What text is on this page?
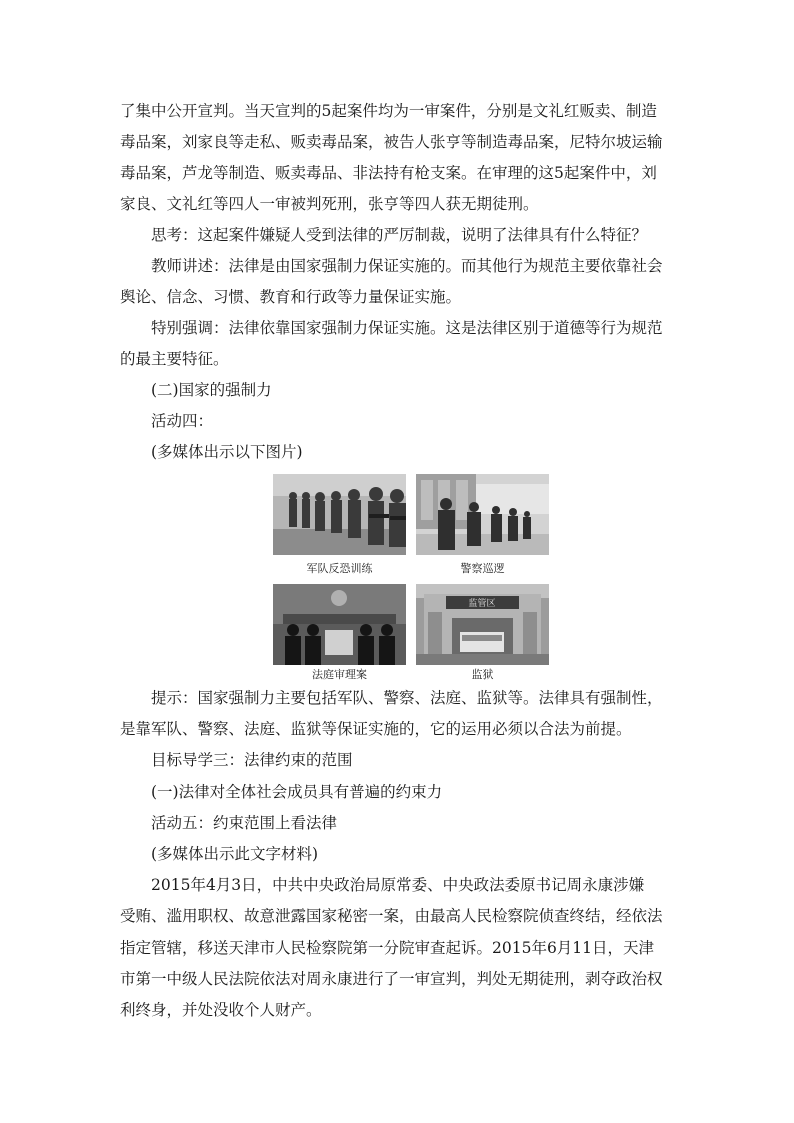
了集中公开宣判。当天宣判的5起案件均为一审案件，分别是文礼红贩卖、制造

毒品案，刘家良等走私、贩卖毒品案，被告人张亨等制造毒品案，尼特尔坡运输

毒品案，芦龙等制造、贩卖毒品、非法持有枪支案。在审理的这5起案件中，刘

家良、文礼红等四人一审被判死刑，张亨等四人获无期徒刑。

思考：这起案件嫌疑人受到法律的严厉制裁，说明了法律具有什么特征？

教师讲述：法律是由国家强制力保证实施的。而其他行为规范主要依靠社会舆论、信念、习惯、教育和行政等力量保证实施。

特别强调：法律依靠国家强制力保证实施。这是法律区别于道德等行为规范的最主要特征。

(二)国家的强制力

活动四：

(多媒体出示以下图片)

军队反恐训练	警察巡逻
法庭审理案
监管区
监狱

提示：国家强制力主要包括军队、警察、法庭、监狱等。法律具有强制性，是靠军队、警察、法庭、监狱等保证实施的，它的运用必须以合法为前提。

目标导学三：法律约束的范围

(一)法律对全体社会成员具有普遍的约束力

活动五：约束范围上看法律

(多媒体出示此文字材料)

2015年4月3日，中共中央政治局原常委、中央政法委原书记周永康涉嫌

受贿、滥用职权、故意泄露国家秘密一案，由最高人民检察院侦查终结，经依法

指定管辖，移送天津市人民检察院第一分院审查起诉。2015年6月11日，天津

市第一中级人民法院依法对周永康进行了一审宣判，判处无期徒刑，剥夺政治权

利终身，并处没收个人财产。
